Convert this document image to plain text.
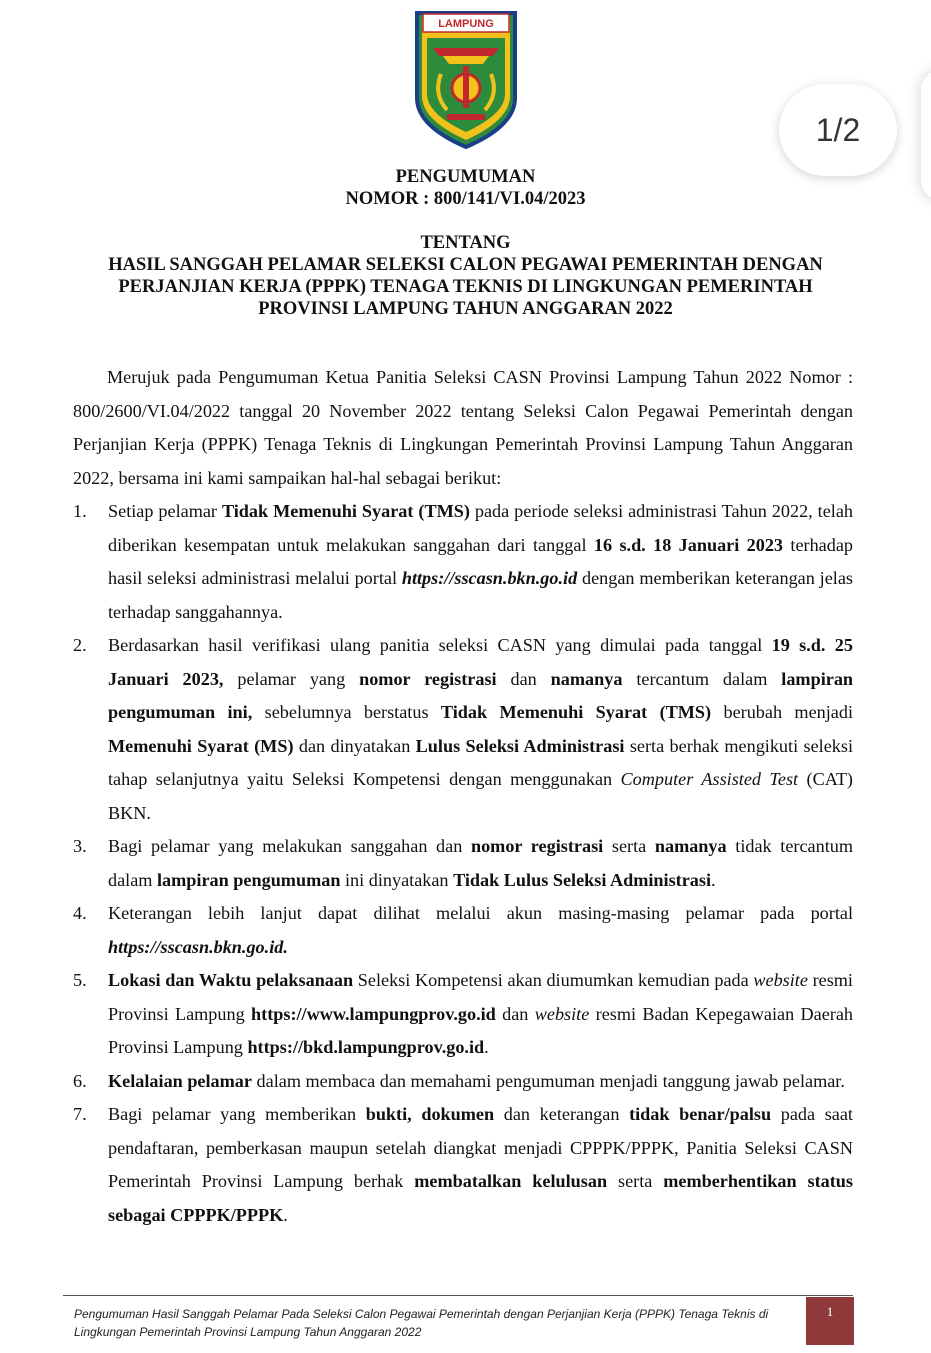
LAMPUNG
1/2
PENGUMUMAN
NOMOR : 800/141/VI.04/2023
TENTANG
HASIL SANGGAH PELAMAR SELEKSI CALON PEGAWAI PEMERINTAH DENGAN
PERJANJIAN KERJA (PPPK) TENAGA TEKNIS DI LINGKUNGAN PEMERINTAH
PROVINSI LAMPUNG TAHUN ANGGARAN 2022
Merujuk pada Pengumuman Ketua Panitia Seleksi CASN Provinsi Lampung Tahun 2022 Nomor : 800/2600/VI.04/2022 tanggal 20 November 2022 tentang Seleksi Calon Pegawai Pemerintah dengan Perjanjian Kerja (PPPK) Tenaga Teknis di Lingkungan Pemerintah Provinsi Lampung Tahun Anggaran 2022, bersama ini kami sampaikan hal-hal sebagai berikut:
1.	Setiap pelamar Tidak Memenuhi Syarat (TMS) pada periode seleksi administrasi Tahun 2022, telah diberikan kesempatan untuk melakukan sanggahan dari tanggal 16 s.d. 18 Januari 2023 terhadap hasil seleksi administrasi melalui portal https://sscasn.bkn.go.id dengan memberikan keterangan jelas terhadap sanggahannya.
2.	Berdasarkan hasil verifikasi ulang panitia seleksi CASN yang dimulai pada tanggal 19 s.d. 25 Januari 2023, pelamar yang nomor registrasi dan namanya tercantum dalam lampiran pengumuman ini, sebelumnya berstatus Tidak Memenuhi Syarat (TMS) berubah menjadi Memenuhi Syarat (MS) dan dinyatakan Lulus Seleksi Administrasi serta berhak mengikuti seleksi tahap selanjutnya yaitu Seleksi Kompetensi dengan menggunakan Computer Assisted Test (CAT) BKN.
3.	Bagi pelamar yang melakukan sanggahan dan nomor registrasi serta namanya tidak tercantum dalam lampiran pengumuman ini dinyatakan Tidak Lulus Seleksi Administrasi.
4.	Keterangan lebih lanjut dapat dilihat melalui akun masing-masing pelamar pada portal https://sscasn.bkn.go.id.
5.	Lokasi dan Waktu pelaksanaan Seleksi Kompetensi akan diumumkan kemudian pada website resmi Provinsi Lampung https://www.lampungprov.go.id dan website resmi Badan Kepegawaian Daerah Provinsi Lampung https://bkd.lampungprov.go.id.
6.	Kelalaian pelamar dalam membaca dan memahami pengumuman menjadi tanggung jawab pelamar.
7.	Bagi pelamar yang memberikan bukti, dokumen dan keterangan tidak benar/palsu pada saat pendaftaran, pemberkasan maupun setelah diangkat menjadi CPPPK/PPPK, Panitia Seleksi CASN Pemerintah Provinsi Lampung berhak membatalkan kelulusan serta memberhentikan status sebagai CPPPK/PPPK.
Pengumuman Hasil Sanggah Pelamar Pada Seleksi Calon Pegawai Pemerintah dengan Perjanjian Kerja (PPPK) Tenaga Teknis di Lingkungan Pemerintah Provinsi Lampung Tahun Anggaran 2022
1
